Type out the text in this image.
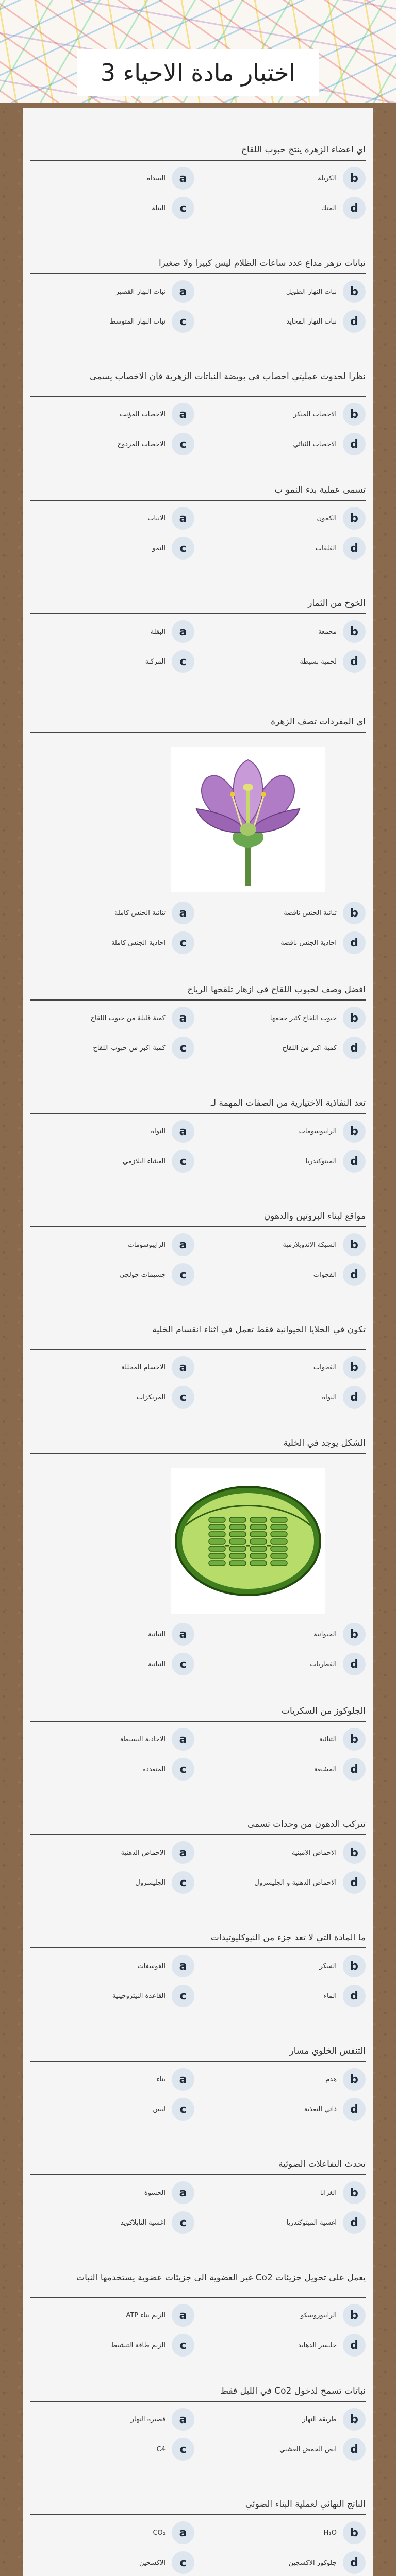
اختبار مادة الاحياء 3
اي اعضاء الزهرة ينتج حبوب اللقاح
b
الكربلة
a
السداة
d
المتك
c
البتلة
نباتات تزهر مداع عدد ساعات الظلام ليس كبيرا ولا صغيرا
b
نبات النهار الطويل
a
نبات النهار القصير
d
نبات النهار المحايد
c
نبات النهار المتوسط
نظرا لحدوث عمليتي اخصاب في بويضة النباتات الزهرية فان الاخصاب يسمى
b
الاخصاب المنكر
a
الاخصاب المؤنث
d
الاخصاب الثنائي
c
الاخصاب المزدوج
تسمى عملية بدء النمو ب
b
الكمون
a
الانبات
d
الفلقات
c
النمو
الخوخ من الثمار
b
مجمعة
a
البقلة
d
لحمية بسيطة
c
المركبة
اي المفردات تصف الزهرة
b
ثنائية الجنس ناقصة
a
ثنائية الجنس كاملة
d
احادية الجنس ناقصة
c
احادية الجنس كاملة
افضل وصف لحبوب اللقاح في ازهار تلقحها الرياح
b
حبوب اللقاح كثير حجمها
a
كمية قليلة من حبوب اللقاح
d
كمية اكبر من اللقاح
c
كمية اكبر من حبوب اللقاح
تعد النفاذية الاختيارية من الصفات المهمة لـ
b
الرايبوسومات
a
النواة
d
الميتوكندريا
c
الغشاء البلازمي
مواقع لبناء البروتين والدهون
b
الشبكة الاندوبلازمية
a
الرايبوسومات
d
الفجوات
c
جسيمات جولجي
تكون في الخلايا الحيوانية فقط تعمل في اثناء انقسام الخلية
b
الفجوات
a
الاجسام المحللة
d
النواة
c
المريكزات
الشكل يوجد في الخلية
b
الحيوانية
a
النباتية
d
الفطريات
c
النباتية
الجلوكوز من السكريات
b
الثنائية
a
الاحادية البسيطة
d
المشبعة
c
المتعددة
تتركب الدهون من وحدات تسمى
b
الاحماض الامينية
a
الاحماض الدهنية
d
الاحماض الدهنية و الجليسرول
c
الجليسرول
ما المادة التي لا تعد جزء من النيوكليوتيدات
b
السكر
a
الفوسفات
d
الماء
c
القاعدة النيتروجينية
التنفس الخلوي مسار
b
هدم
a
بناء
d
ذاتي التغذية
c
ليس
تحدث التفاعلات الضوئية
b
الغرانا
a
الحشوة
d
اغشية الميتوكندريا
c
اغشية الثايلاكويد
يعمل على تحويل جزيئات Co2 غير العضوية الى جزيئات عضوية يستخدمها النبات
b
الرايبوزوسكو
a
الزيم بناء ATP
d
جليسر الدهايد
c
الزيم طاقة التنشيط
نباتات تسمح لدخول Co2 في الليل فقط
b
طريقة النهار
a
قصيرة النهار
d
ايض الحمض العشبي
c
C4
الناتج النهائي لعملية البناء الضوئي
b
H₂O
a
CO₂
d
جلوكوز الاكسجين
c
الاكسجين
